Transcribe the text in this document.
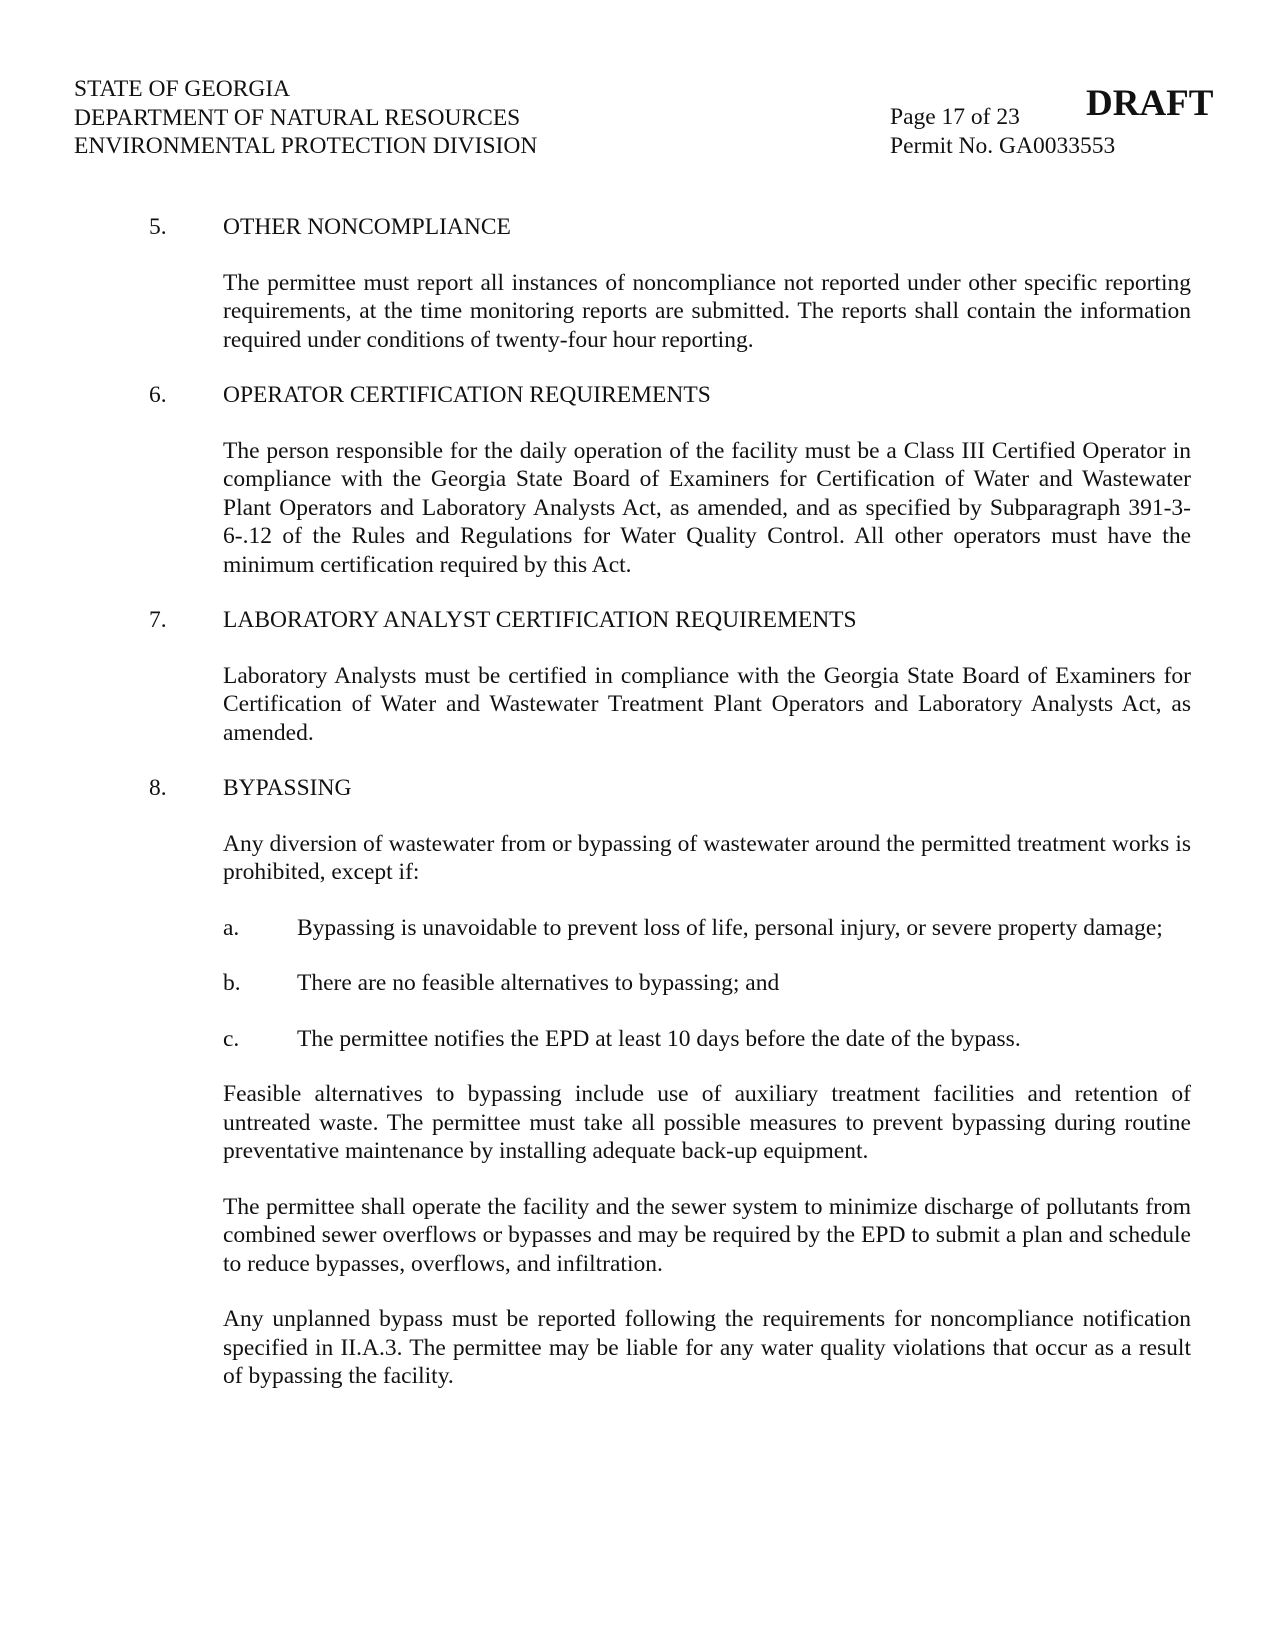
STATE OF GEORGIA
DEPARTMENT OF NATURAL RESOURCES
ENVIRONMENTAL PROTECTION DIVISION
DRAFT
Page 17 of 23
Permit No. GA0033553
5.	OTHER NONCOMPLIANCE

The permittee must report all instances of noncompliance not reported under other specific reporting requirements, at the time monitoring reports are submitted. The reports shall contain the information required under conditions of twenty-four hour reporting.

6.	OPERATOR CERTIFICATION REQUIREMENTS

The person responsible for the daily operation of the facility must be a Class III Certified Operator in compliance with the Georgia State Board of Examiners for Certification of Water and Wastewater Plant Operators and Laboratory Analysts Act, as amended, and as specified by Subparagraph 391-3-6-.12 of the Rules and Regulations for Water Quality Control. All other operators must have the minimum certification required by this Act.

7.	LABORATORY ANALYST CERTIFICATION REQUIREMENTS

Laboratory Analysts must be certified in compliance with the Georgia State Board of Examiners for Certification of Water and Wastewater Treatment Plant Operators and Laboratory Analysts Act, as amended.

8.	BYPASSING

Any diversion of wastewater from or bypassing of wastewater around the permitted treatment works is prohibited, except if:

a.	Bypassing is unavoidable to prevent loss of life, personal injury, or severe property damage;
b.	There are no feasible alternatives to bypassing; and
c.	The permittee notifies the EPD at least 10 days before the date of the bypass.

Feasible alternatives to bypassing include use of auxiliary treatment facilities and retention of untreated waste. The permittee must take all possible measures to prevent bypassing during routine preventative maintenance by installing adequate back-up equipment.

The permittee shall operate the facility and the sewer system to minimize discharge of pollutants from combined sewer overflows or bypasses and may be required by the EPD to submit a plan and schedule to reduce bypasses, overflows, and infiltration.

Any unplanned bypass must be reported following the requirements for noncompliance notification specified in II.A.3. The permittee may be liable for any water quality violations that occur as a result of bypassing the facility.
